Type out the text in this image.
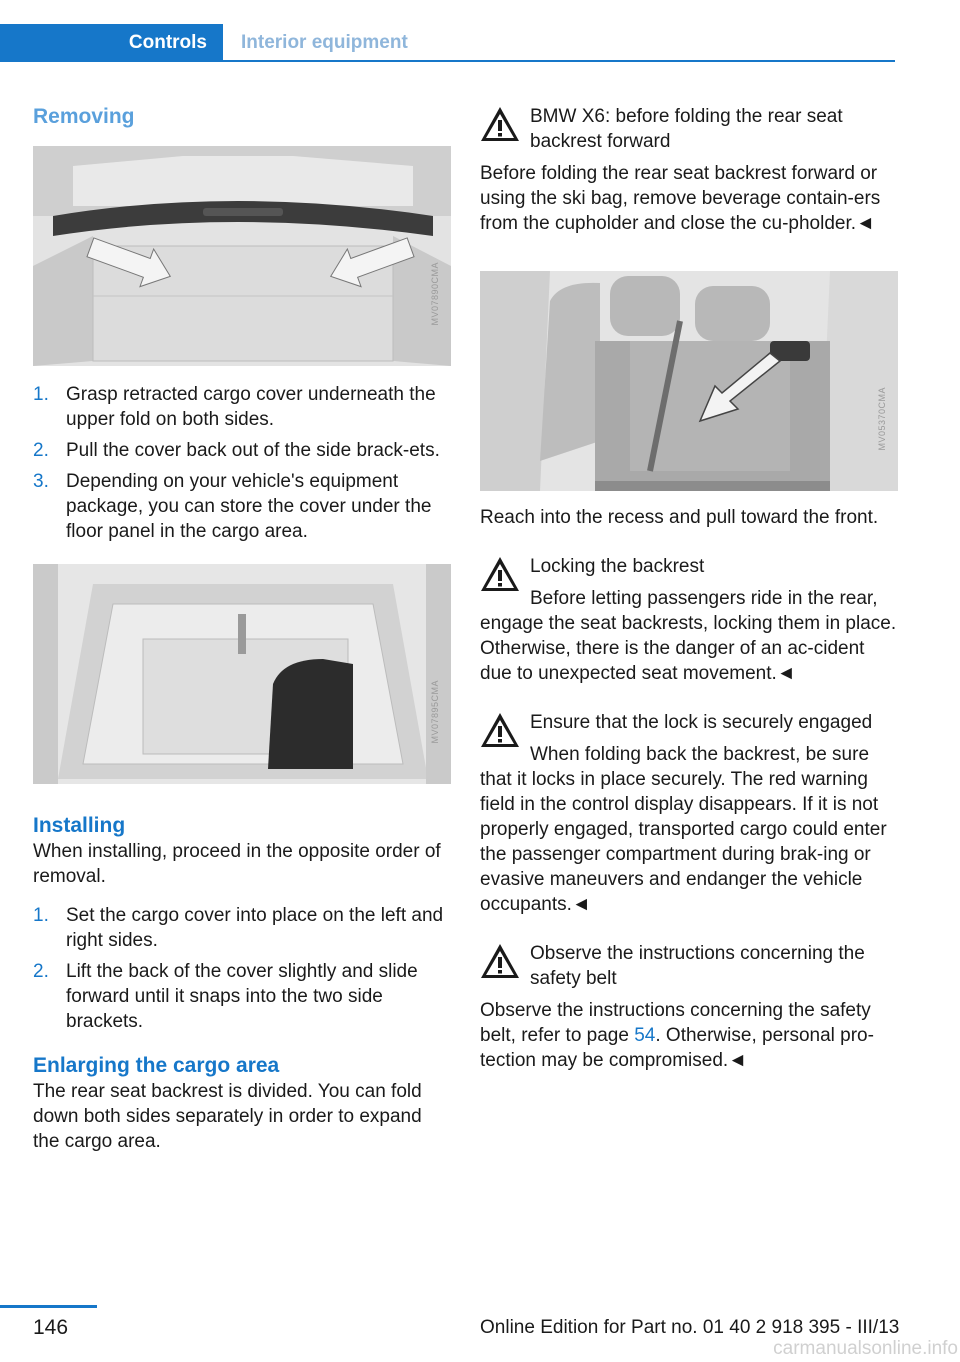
Controls Interior equipment
Removing
MV07890CMA
1. Grasp retracted cargo cover underneath the upper fold on both sides.
2. Pull the cover back out of the side brack‐ets.
3. Depending on your vehicle's equipment package, you can store the cover under the floor panel in the cargo area.
MV07895CMA
Installing

When installing, proceed in the opposite order of removal.

1. Set the cargo cover into place on the left and right sides.
2. Lift the back of the cover slightly and slide forward until it snaps into the two side brackets.
Enlarging the cargo area

The rear seat backrest is divided. You can fold down both sides separately in order to expand the cargo area.

BMW X6: before folding the rear seat backrest forward

Before folding the rear seat backrest forward or using the ski bag, remove beverage contain‐ers from the cupholder and close the cu‐pholder.◄

MV05370CMA

Reach into the recess and pull toward the front.

Locking the backrest

Before letting passengers ride in the rear,

engage the seat backrests, locking them in place. Otherwise, there is the danger of an ac‐cident due to unexpected seat movement.◄

Ensure that the lock is securely engaged

When folding back the backrest, be sure

that it locks in place securely. The red warning field in the control display disappears. If it is not properly engaged, transported cargo could enter the passenger compartment during brak‐ing or evasive maneuvers and endanger the vehicle occupants.◄

Observe the instructions concerning the safety belt

Observe the instructions concerning the safety belt, refer to page 54. Otherwise, personal pro‐tection may be compromised.◄

146	Online Edition for Part no. 01 40 2 918 395 - III/13
carmanualsonline.info
